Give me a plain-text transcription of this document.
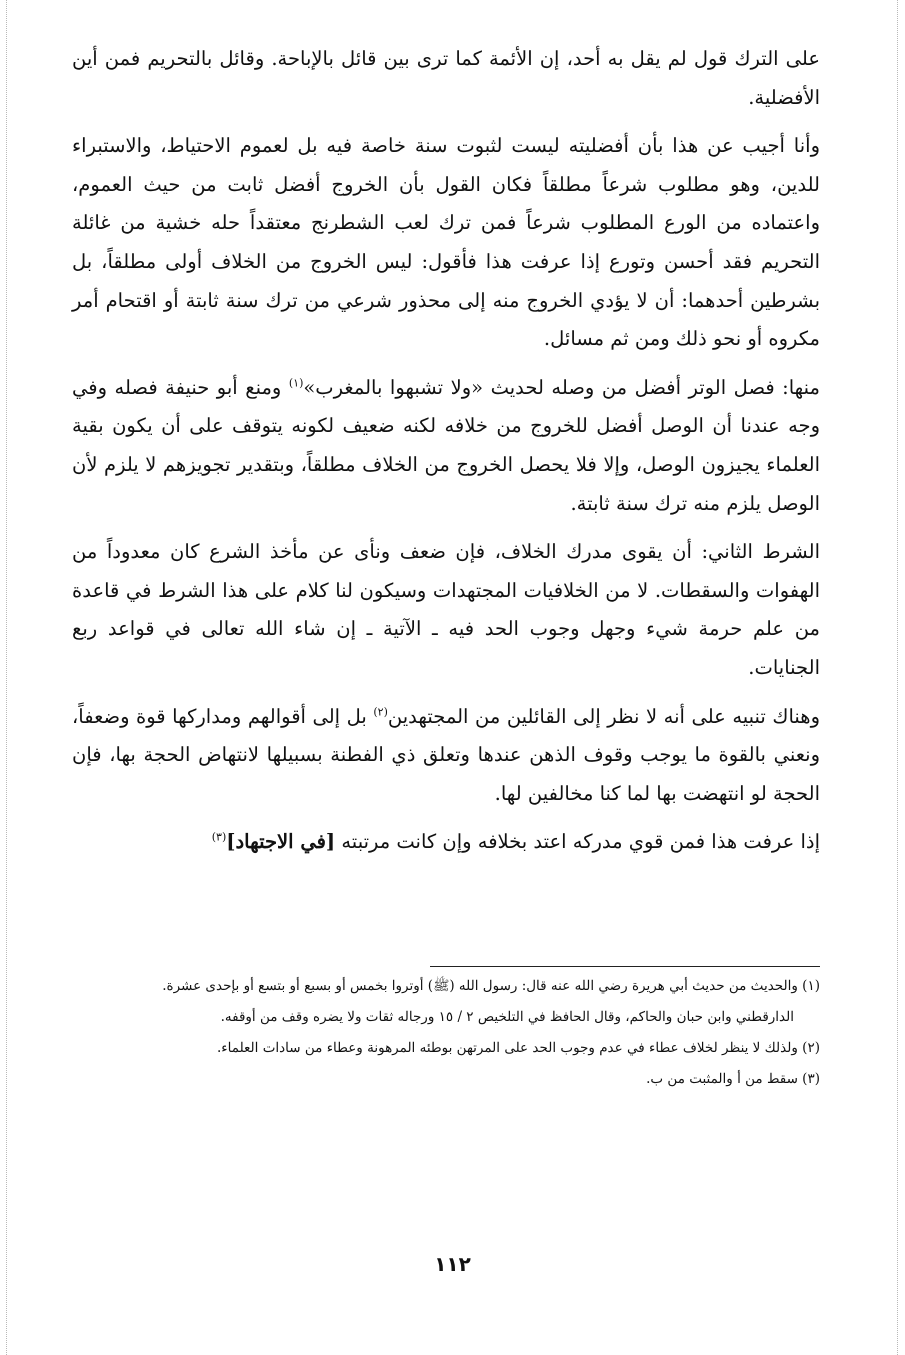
على الترك قول لم يقل به أحد، إن الأئمة كما ترى بين قائل بالإباحة. وقائل بالتحريم فمن أين الأفضلية.

وأنا أجيب عن هذا بأن أفضليته ليست لثبوت سنة خاصة فيه بل لعموم الاحتياط، والاستبراء للدين، وهو مطلوب شرعاً مطلقاً فكان القول بأن الخروج أفضل ثابت من حيث العموم، واعتماده من الورع المطلوب شرعاً فمن ترك لعب الشطرنج معتقداً حله خشية من غائلة التحريم فقد أحسن وتورع إذا عرفت هذا فأقول: ليس الخروج من الخلاف أولى مطلقاً، بل بشرطين أحدهما: أن لا يؤدي الخروج منه إلى محذور شرعي من ترك سنة ثابتة أو اقتحام أمر مكروه أو نحو ذلك ومن ثم مسائل.

منها: فصل الوتر أفضل من وصله لحديث «ولا تشبهوا بالمغرب»$^{(١)}$ ومنع أبو حنيفة فصله وفي وجه عندنا أن الوصل أفضل للخروج من خلافه لكنه ضعيف لكونه يتوقف على أن يكون بقية العلماء يجيزون الوصل، وإلا فلا يحصل الخروج من الخلاف مطلقاً، وبتقدير تجويزهم لا يلزم لأن الوصل يلزم منه ترك سنة ثابتة.

الشرط الثاني: أن يقوى مدرك الخلاف، فإن ضعف ونأى عن مأخذ الشرع كان معدوداً من الهفوات والسقطات. لا من الخلافيات المجتهدات وسيكون لنا كلام على هذا الشرط في قاعدة من علم حرمة شيء وجهل وجوب الحد فيه ـ الآتية ـ إن شاء الله تعالى في قواعد ربع الجنايات.

وهناك تنبيه على أنه لا نظر إلى القائلين من المجتهدين$^{(٢)}$ بل إلى أقوالهم ومداركها قوة وضعفاً، ونعني بالقوة ما يوجب وقوف الذهن عندها وتعلق ذي الفطنة بسبيلها لانتهاض الحجة بها، فإن الحجة لو انتهضت بها لما كنا مخالفين لها.

إذا عرفت هذا فمن قوي مدركه اعتد بخلافه وإن كانت مرتبته [في الاجتهاد]$^{(٣)}$

(١) والحديث من حديث أبي هريرة رضي الله عنه قال: رسول الله (ﷺ) أوتروا بخمس أو بسبع أو بتسع أو بإحدى عشرة.

الدارقطني وابن حبان والحاكم، وقال الحافظ في التلخيص ٢ / ١٥ ورجاله ثقات ولا يضره وقف من أوقفه.

(٢) ولذلك لا ينظر لخلاف عطاء في عدم وجوب الحد على المرتهن بوطئه المرهونة وعطاء من سادات العلماء.

(٣) سقط من أ والمثبت من ب.

١١٢
